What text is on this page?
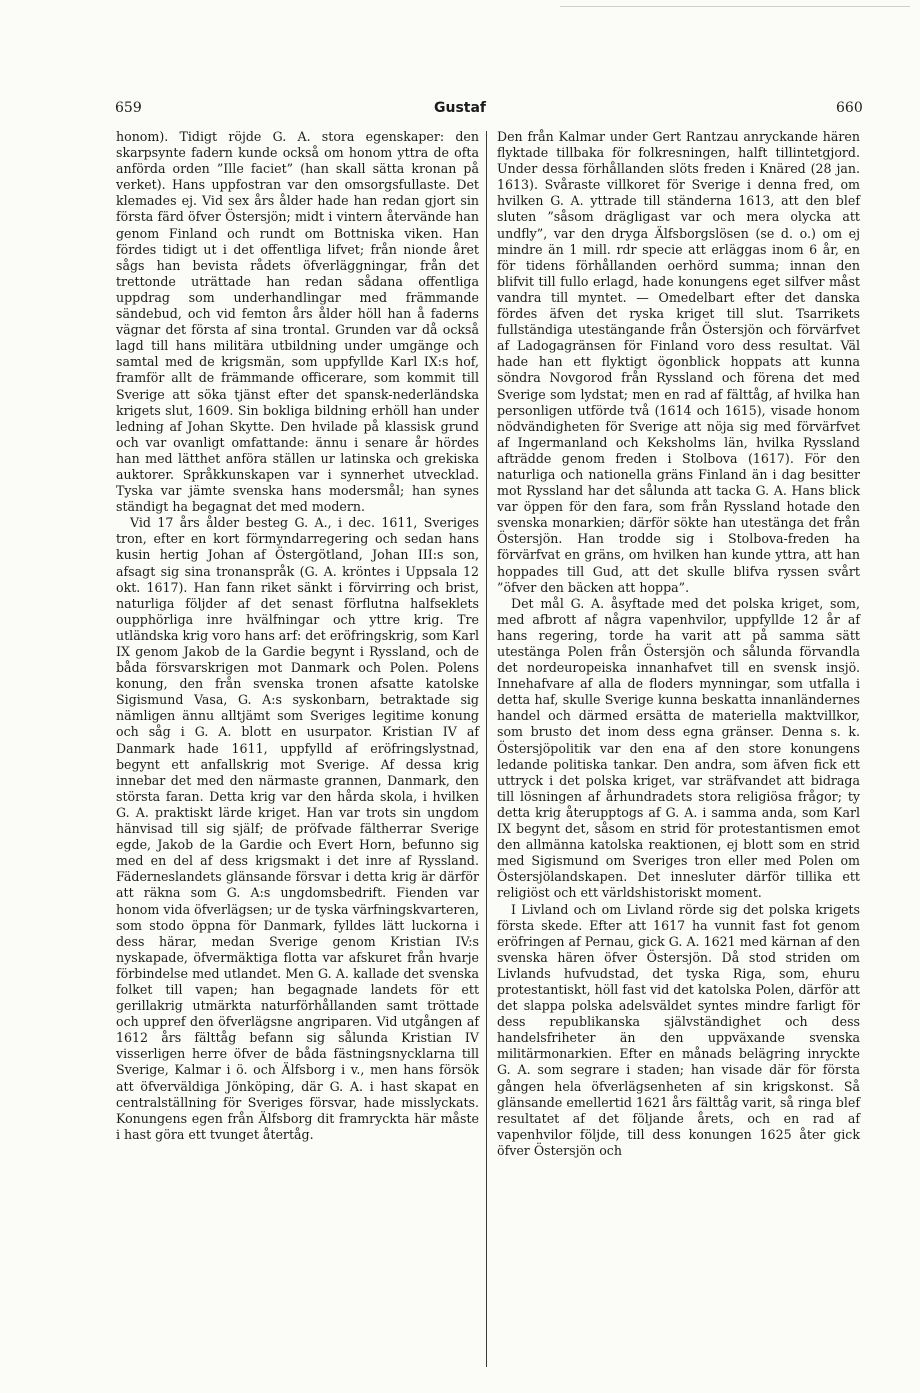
659	Gustaf	660

honom). Tidigt röjde G. A. stora egenskaper: den skarpsynte fadern kunde också om honom yttra de ofta anförda orden ”Ille faciet” (han skall sätta kronan på verket). Hans uppfostran var den omsorgsfullaste. Det klemades ej. Vid sex års ålder hade han redan gjort sin första färd öfver Östersjön; midt i vintern återvände han genom Finland och rundt om Bottniska viken. Han fördes tidigt ut i det offentliga lifvet; från nionde året sågs han bevista rådets öfverläggningar, från det trettonde uträttade han redan sådana offentliga uppdrag som underhandlingar med främmande sändebud, och vid femton års ålder höll han å faderns vägnar det första af sina trontal. Grunden var då också lagd till hans militära utbildning under umgänge och samtal med de krigsmän, som uppfyllde Karl IX:s hof, framför allt de främmande officerare, som kommit till Sverige att söka tjänst efter det spansk-nederländska krigets slut, 1609. Sin bokliga bildning erhöll han under ledning af Johan Skytte. Den hvilade på klassisk grund och var ovanligt omfattande: ännu i senare år hördes han med lätthet anföra ställen ur latinska och grekiska auktorer. Språkkunskapen var i synnerhet utvecklad. Tyska var jämte svenska hans modersmål; han synes ständigt ha begagnat det med modern.

Vid 17 års ålder besteg G. A., i dec. 1611, Sveriges tron, efter en kort förmyndarregering och sedan hans kusin hertig Johan af Östergötland, Johan III:s son, afsagt sig sina tronanspråk (G. A. kröntes i Uppsala 12 okt. 1617). Han fann riket sänkt i förvirring och brist, naturliga följder af det senast förflutna halfseklets oupphörliga inre hvälfningar och yttre krig. Tre utländska krig voro hans arf: det eröfringskrig, som Karl IX genom Jakob de la Gardie begynt i Ryssland, och de båda försvarskrigen mot Danmark och Polen. Polens konung, den från svenska tronen afsatte katolske Sigismund Vasa, G. A:s syskonbarn, betraktade sig nämligen ännu alltjämt som Sveriges legitime konung och såg i G. A. blott en usurpator. Kristian IV af Danmark hade 1611, uppfylld af eröfringslystnad, begynt ett anfallskrig mot Sverige. Af dessa krig innebar det med den närmaste grannen, Danmark, den största faran. Detta krig var den hårda skola, i hvilken G. A. praktiskt lärde kriget. Han var trots sin ungdom hänvisad till sig själf; de pröfvade fältherrar Sverige egde, Jakob de la Gardie och Evert Horn, befunno sig med en del af dess krigsmakt i det inre af Ryssland. Fäderneslandets glänsande försvar i detta krig är därför att räkna som G. A:s ungdomsbedrift. Fienden var honom vida öfverlägsen; ur de tyska värfningskvarteren, som stodo öppna för Danmark, fylldes lätt luckorna i dess härar, medan Sverige genom Kristian IV:s nyskapade, öfvermäktiga flotta var afskuret från hvarje förbindelse med utlandet. Men G. A. kallade det svenska folket till vapen; han begagnade landets för ett gerillakrig utmärkta naturförhållanden samt tröttade och uppref den öfverlägsne angriparen. Vid utgången af 1612 års fälttåg befann sig sålunda Kristian IV visserligen herre öfver de båda fästningsnycklarna till Sverige, Kalmar i ö. och Älfsborg i v., men hans försök att öfverväldiga Jönköping, där G. A. i hast skapat en centralställning för Sveriges försvar, hade misslyckats. Konungens egen från Älfsborg dit framryckta här måste i hast göra ett tvunget återtåg.

Den från Kalmar under Gert Rantzau anryckande hären flyktade tillbaka för folkresningen, halft tillintetgjord. Under dessa förhållanden slöts freden i Knäred (28 jan. 1613). Svåraste villkoret för Sverige i denna fred, om hvilken G. A. yttrade till ständerna 1613, att den blef sluten ”såsom drägligast var och mera olycka att undfly”, var den dryga Älfsborgslösen (se d. o.) om ej mindre än 1 mill. rdr specie att erläggas inom 6 år, en för tidens förhållanden oerhörd summa; innan den blifvit till fullo erlagd, hade konungens eget silfver måst vandra till myntet. — Omedelbart efter det danska fördes äfven det ryska kriget till slut. Tsarrikets fullständiga utestängande från Östersjön och förvärfvet af Ladogagränsen för Finland voro dess resultat. Väl hade han ett flyktigt ögonblick hoppats att kunna söndra Novgorod från Ryssland och förena det med Sverige som lydstat; men en rad af fälttåg, af hvilka han personligen utförde två (1614 och 1615), visade honom nödvändigheten för Sverige att nöja sig med förvärfvet af Ingermanland och Keksholms län, hvilka Ryssland afträdde genom freden i Stolbova (1617). För den naturliga och nationella gräns Finland än i dag besitter mot Ryssland har det sålunda att tacka G. A. Hans blick var öppen för den fara, som från Ryssland hotade den svenska monarkien; därför sökte han utestänga det från Östersjön. Han trodde sig i Stolbova-freden ha förvärfvat en gräns, om hvilken han kunde yttra, att han hoppades till Gud, att det skulle blifva ryssen svårt ”öfver den bäcken att hoppa”.

Det mål G. A. åsyftade med det polska kriget, som, med afbrott af några vapenhvilor, uppfyllde 12 år af hans regering, torde ha varit att på samma sätt utestänga Polen från Östersjön och sålunda förvandla det nordeuropeiska innanhafvet till en svensk insjö. Innehafvare af alla de floders mynningar, som utfalla i detta haf, skulle Sverige kunna beskatta innanländernes handel och därmed ersätta de materiella maktvillkor, som brusto det inom dess egna gränser. Denna s. k. Östersjöpolitik var den ena af den store konungens ledande politiska tankar. Den andra, som äfven fick ett uttryck i det polska kriget, var sträfvandet att bidraga till lösningen af århundradets stora religiösa frågor; ty detta krig återupptogs af G. A. i samma anda, som Karl IX begynt det, såsom en strid för protestantismen emot den allmänna katolska reaktionen, ej blott som en strid med Sigismund om Sveriges tron eller med Polen om Östersjölandskapen. Det innesluter därför tillika ett religiöst och ett världshistoriskt moment.

I Livland och om Livland rörde sig det polska krigets första skede. Efter att 1617 ha vunnit fast fot genom eröfringen af Pernau, gick G. A. 1621 med kärnan af den svenska hären öfver Östersjön. Då stod striden om Livlands hufvudstad, det tyska Riga, som, ehuru protestantiskt, höll fast vid det katolska Polen, därför att det slappa polska adelsväldet syntes mindre farligt för dess republikanska självständighet och dess handelsfriheter än den uppväxande svenska militärmonarkien. Efter en månads belägring inryckte G. A. som segrare i staden; han visade där för första gången hela öfverlägsenheten af sin krigskonst. Så glänsande emellertid 1621 års fälttåg varit, så ringa blef resultatet af det följande årets, och en rad af vapenhvilor följde, till dess konungen 1625 åter gick öfver Östersjön och
